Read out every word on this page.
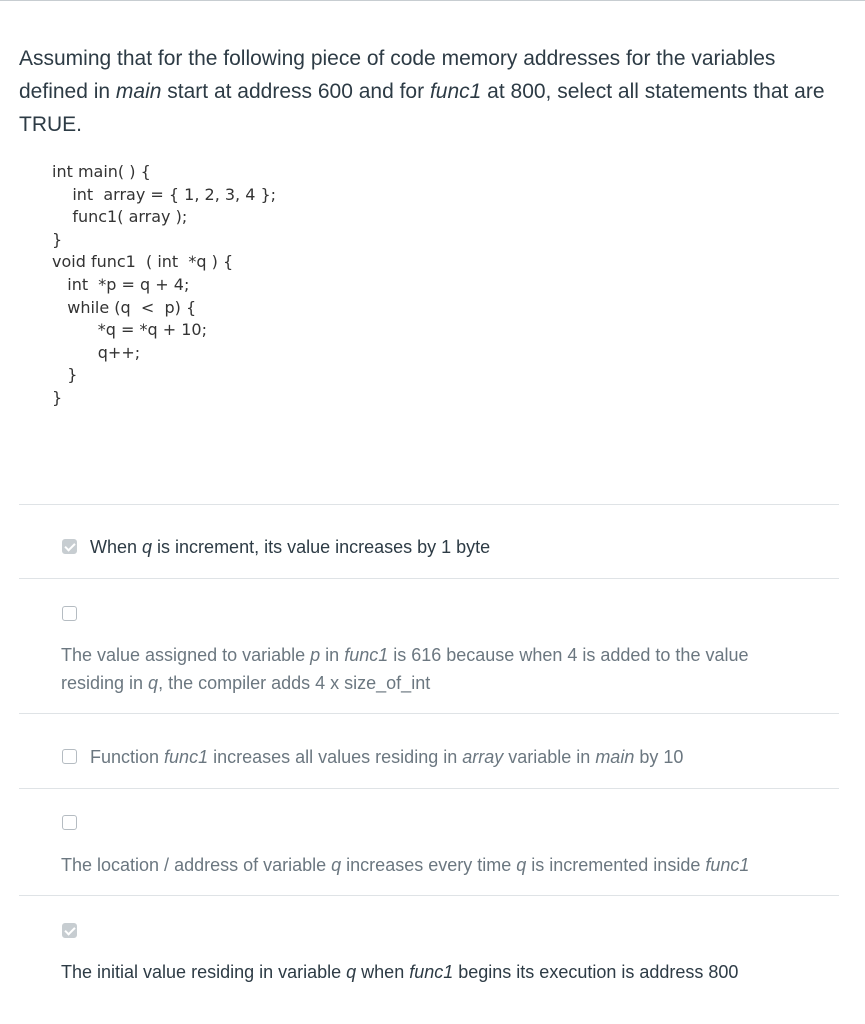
Assuming that for the following piece of code memory addresses for the variables defined in main start at address 600 and for func1 at 800, select all statements that are TRUE.
int main( ) {
int  array = { 1, 2, 3, 4 };
func1( array );
}
void func1  ( int  *q ) {
int  *p = q + 4;
while (q  <  p) {
*q = *q + 10;
q++;
}
}
When q is increment, its value increases by 1 byte
The value assigned to variable p in func1 is 616 because when 4 is added to the value residing in q, the compiler adds 4 x size_of_int
Function func1 increases all values residing in array variable in main by 10
The location / address of variable q increases every time q is incremented inside func1
The initial value residing in variable q when func1 begins its execution is address 800
